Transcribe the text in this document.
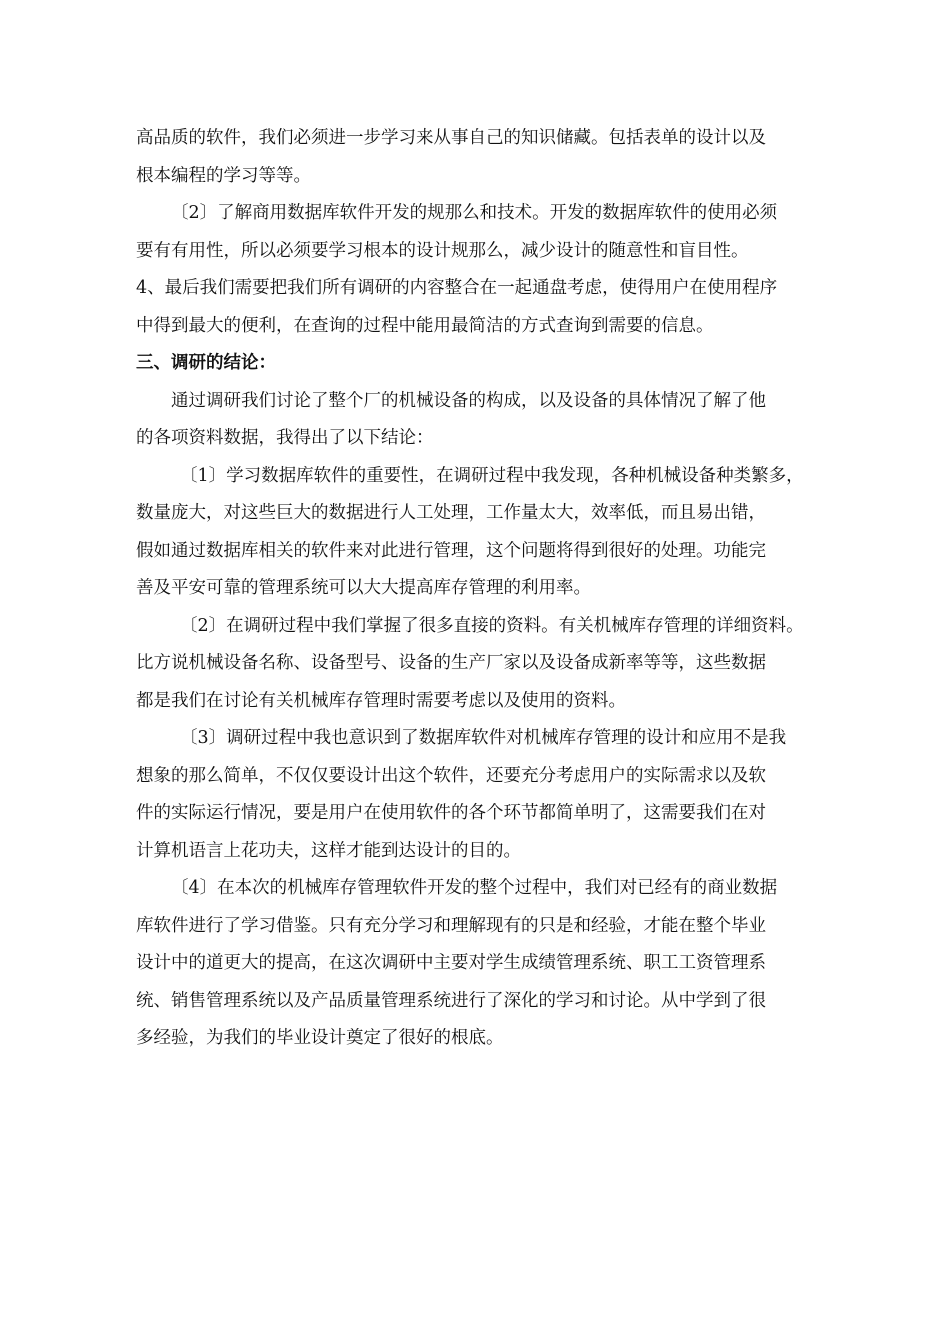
高品质的软件，我们必须进一步学习来从事自己的知识储藏。包括表单的设计以及
根本编程的学习等等。
〔2〕了解商用数据库软件开发的规那么和技术。开发的数据库软件的使用必须
要有有用性，所以必须要学习根本的设计规那么，减少设计的随意性和盲目性。
4、最后我们需要把我们所有调研的内容整合在一起通盘考虑，使得用户在使用程序
中得到最大的便利，在查询的过程中能用最简洁的方式查询到需要的信息。
三、调研的结论：
通过调研我们讨论了整个厂的机械设备的构成，以及设备的具体情况了解了他
的各项资料数据，我得出了以下结论：
〔1〕学习数据库软件的重要性，在调研过程中我发现，各种机械设备种类繁多，
数量庞大，对这些巨大的数据进行人工处理，工作量太大，效率低，而且易出错，
假如通过数据库相关的软件来对此进行管理，这个问题将得到很好的处理。功能完
善及平安可靠的管理系统可以大大提高库存管理的利用率。
〔2〕在调研过程中我们掌握了很多直接的资料。有关机械库存管理的详细资料。
比方说机械设备名称、设备型号、设备的生产厂家以及设备成新率等等，这些数据
都是我们在讨论有关机械库存管理时需要考虑以及使用的资料。
〔3〕调研过程中我也意识到了数据库软件对机械库存管理的设计和应用不是我
想象的那么简单，不仅仅要设计出这个软件，还要充分考虑用户的实际需求以及软
件的实际运行情况，要是用户在使用软件的各个环节都简单明了，这需要我们在对
计算机语言上花功夫，这样才能到达设计的目的。
〔4〕在本次的机械库存管理软件开发的整个过程中，我们对已经有的商业数据
库软件进行了学习借鉴。只有充分学习和理解现有的只是和经验，才能在整个毕业
设计中的道更大的提高，在这次调研中主要对学生成绩管理系统、职工工资管理系
统、销售管理系统以及产品质量管理系统进行了深化的学习和讨论。从中学到了很
多经验，为我们的毕业设计奠定了很好的根底。
